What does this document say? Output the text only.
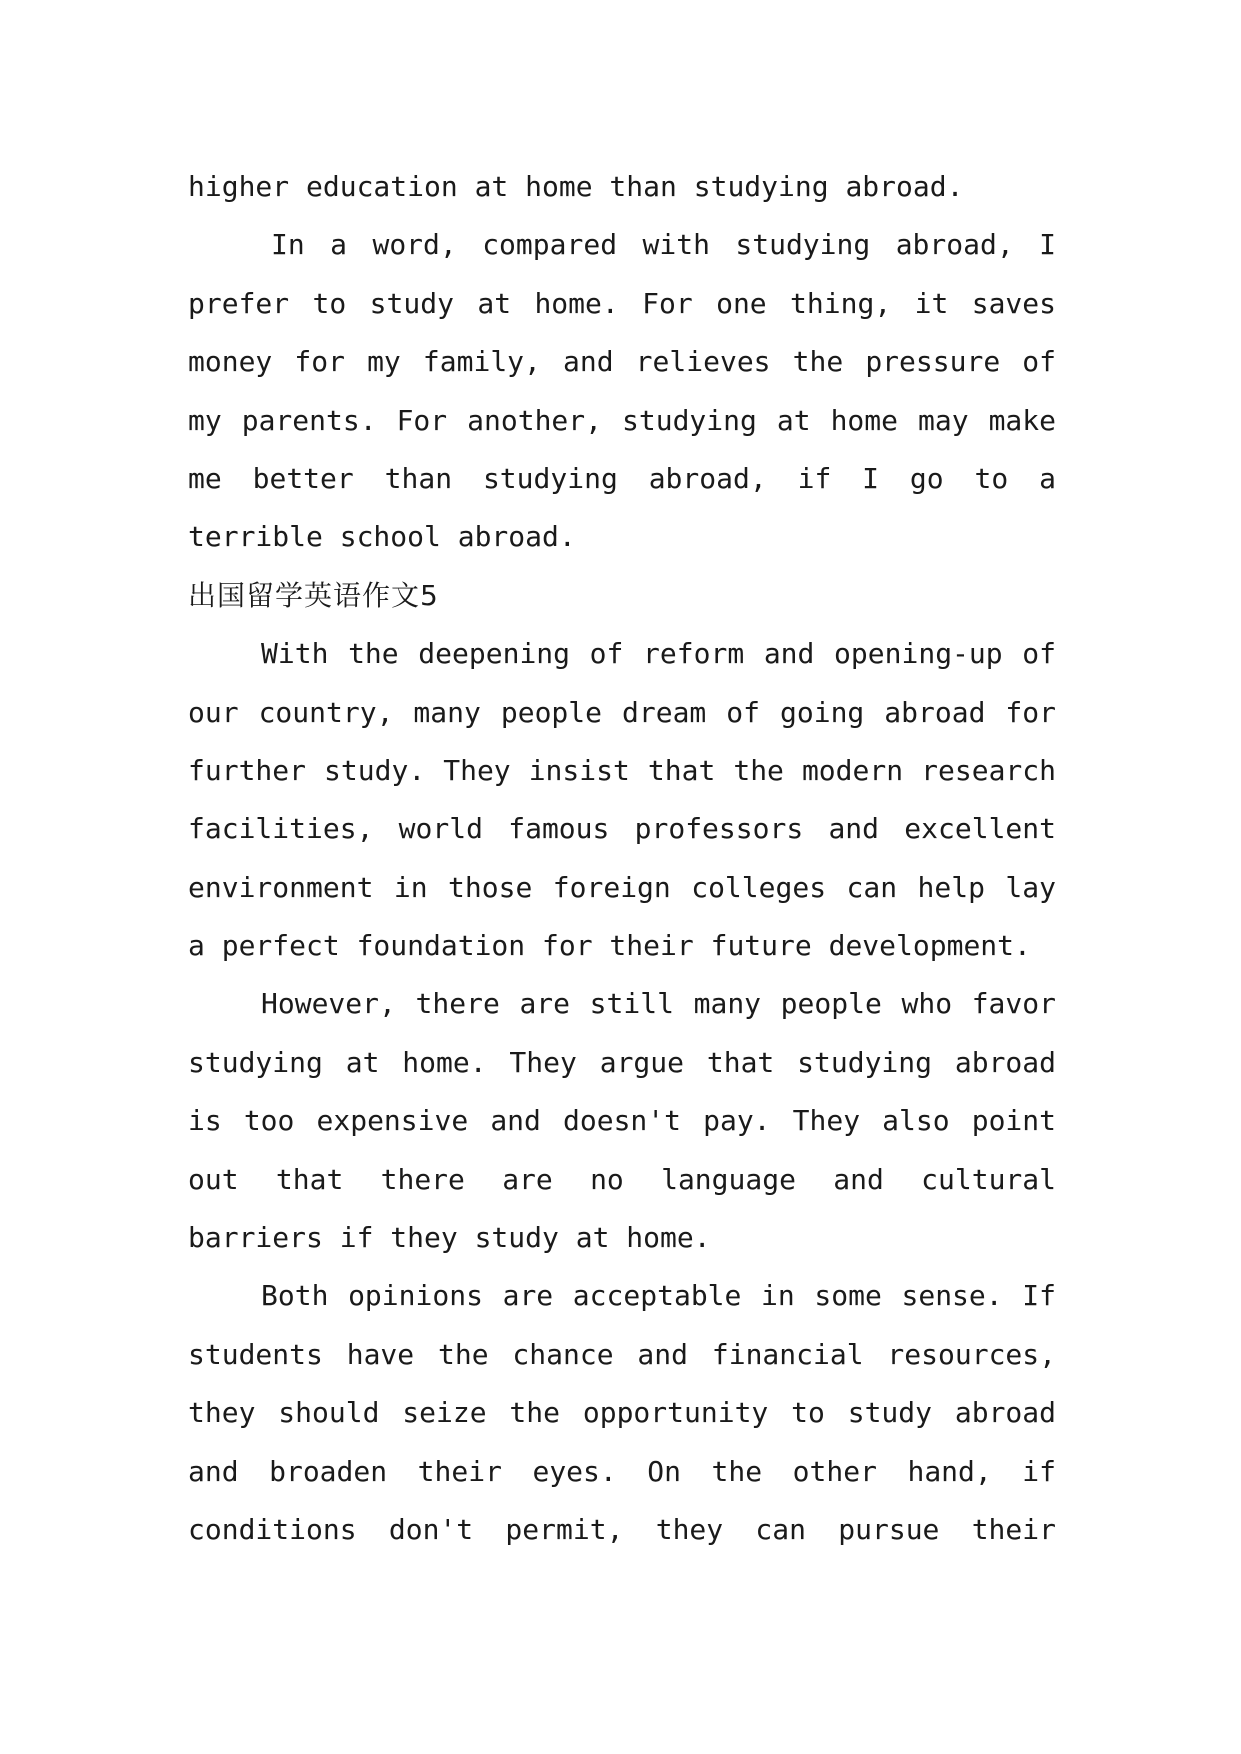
higher education at home than studying abroad.
In a word, compared with studying abroad, I
prefer to study at home. For one thing, it saves
money for my family, and relieves the pressure of
my parents. For another, studying at home may make
me better than studying abroad, if I go to a
terrible school abroad.
出国留学英语作文5
With the deepening of reform and opening-up of
our country, many people dream of going abroad for
further study. They insist that the modern research
facilities, world famous professors and excellent
environment in those foreign colleges can help lay
a perfect foundation for their future development.
However, there are still many people who favor
studying at home. They argue that studying abroad
is too expensive and doesn't pay. They also point
out that there are no language and cultural
barriers if they study at home.
Both opinions are acceptable in some sense. If
students have the chance and financial resources,
they should seize the opportunity to study abroad
and broaden their eyes. On the other hand, if
conditions don't permit, they can pursue their
